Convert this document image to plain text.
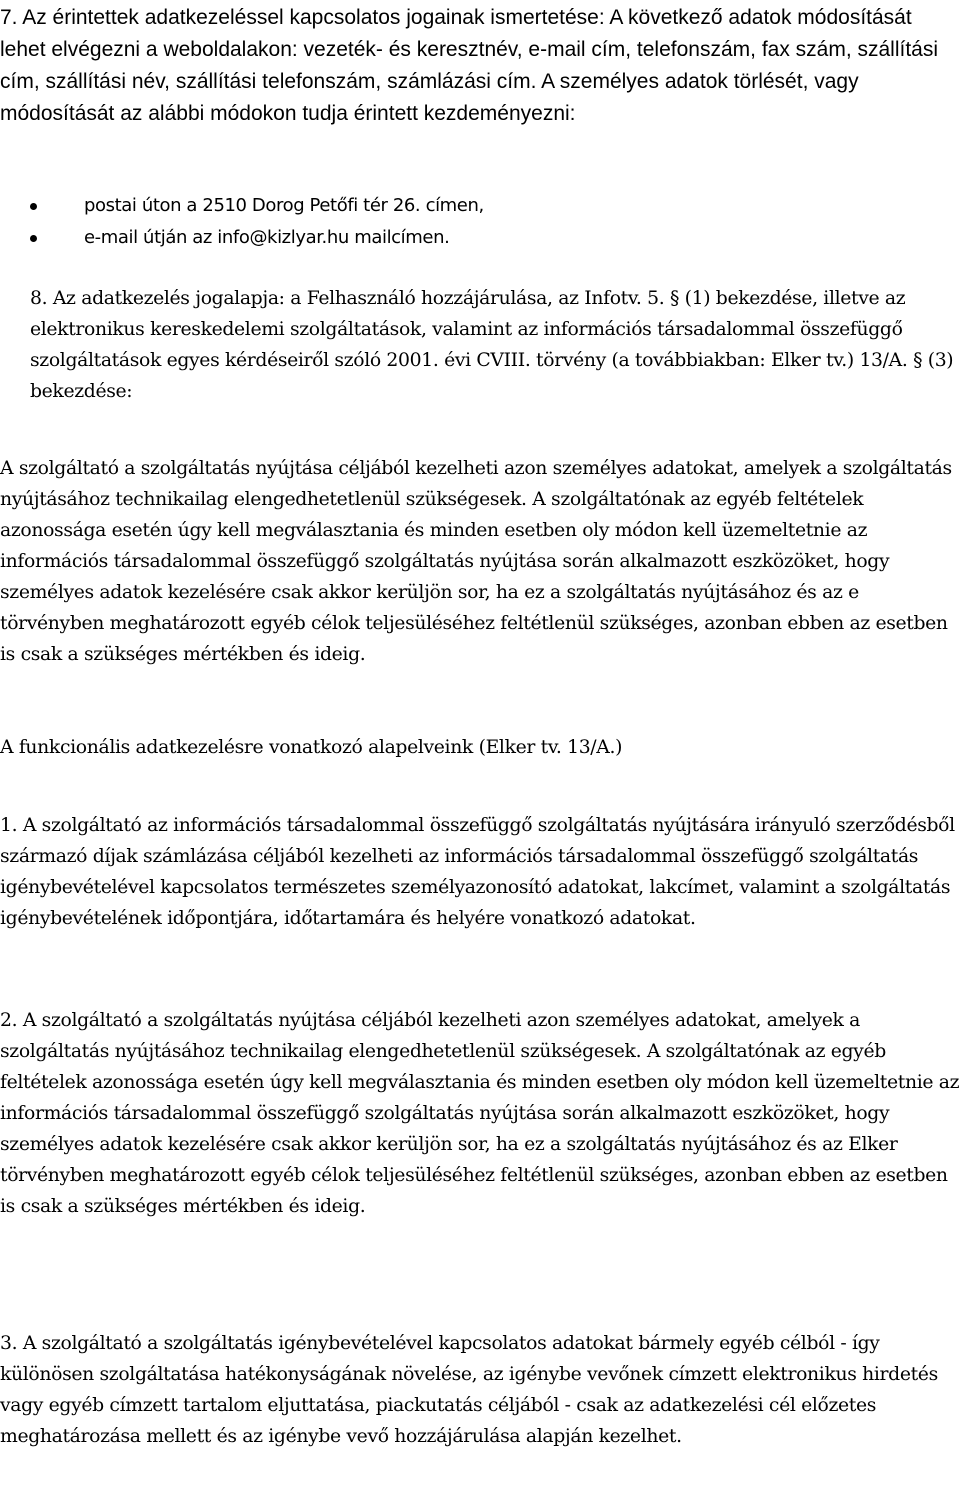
7. Az érintettek adatkezeléssel kapcsolatos jogainak ismertetése: A következő adatok módosítását lehet elvégezni a weboldalakon: vezeték- és keresztnév, e-mail cím, telefonszám, fax szám, szállítási cím, szállítási név, szállítási telefonszám, számlázási cím. A személyes adatok törlését, vagy módosítását az alábbi módokon tudja érintett kezdeményezni:

postai úton a 2510 Dorog Petőfi tér 26. címen,
e-mail útján az info@kizlyar.hu mailcímen.

8. Az adatkezelés jogalapja: a Felhasználó hozzájárulása, az Infotv. 5. § (1) bekezdése, illetve az elektronikus kereskedelemi szolgáltatások, valamint az információs társadalommal összefüggő szolgáltatások egyes kérdéseiről szóló 2001. évi CVIII. törvény (a továbbiakban: Elker tv.) 13/A. § (3) bekezdése:

A szolgáltató a szolgáltatás nyújtása céljából kezelheti azon személyes adatokat, amelyek a szolgáltatás nyújtásához technikailag elengedhetetlenül szükségesek. A szolgáltatónak az egyéb feltételek azonossága esetén úgy kell megválasztania és minden esetben oly módon kell üzemeltetnie az információs társadalommal összefüggő szolgáltatás nyújtása során alkalmazott eszközöket, hogy személyes adatok kezelésére csak akkor kerüljön sor, ha ez a szolgáltatás nyújtásához és az e törvényben meghatározott egyéb célok teljesüléséhez feltétlenül szükséges, azonban ebben az esetben is csak a szükséges mértékben és ideig.

A funkcionális adatkezelésre vonatkozó alapelveink (Elker tv. 13/A.)

1. A szolgáltató az információs társadalommal összefüggő szolgáltatás nyújtására irányuló szerződésből származó díjak számlázása céljából kezelheti az információs társadalommal összefüggő szolgáltatás igénybevételével kapcsolatos természetes személyazonosító adatokat, lakcímet, valamint a szolgáltatás igénybevételének időpontjára, időtartamára és helyére vonatkozó adatokat.

2. A szolgáltató a szolgáltatás nyújtása céljából kezelheti azon személyes adatokat, amelyek a szolgáltatás nyújtásához technikailag elengedhetetlenül szükségesek. A szolgáltatónak az egyéb feltételek azonossága esetén úgy kell megválasztania és minden esetben oly módon kell üzemeltetnie az információs társadalommal összefüggő szolgáltatás nyújtása során alkalmazott eszközöket, hogy személyes adatok kezelésére csak akkor kerüljön sor, ha ez a szolgáltatás nyújtásához és az Elker törvényben meghatározott egyéb célok teljesüléséhez feltétlenül szükséges, azonban ebben az esetben is csak a szükséges mértékben és ideig.

3. A szolgáltató a szolgáltatás igénybevételével kapcsolatos adatokat bármely egyéb célból - így különösen szolgáltatása hatékonyságának növelése, az igénybe vevőnek címzett elektronikus hirdetés vagy egyéb címzett tartalom eljuttatása, piackutatás céljából - csak az adatkezelési cél előzetes meghatározása mellett és az igénybe vevő hozzájárulása alapján kezelhet.
